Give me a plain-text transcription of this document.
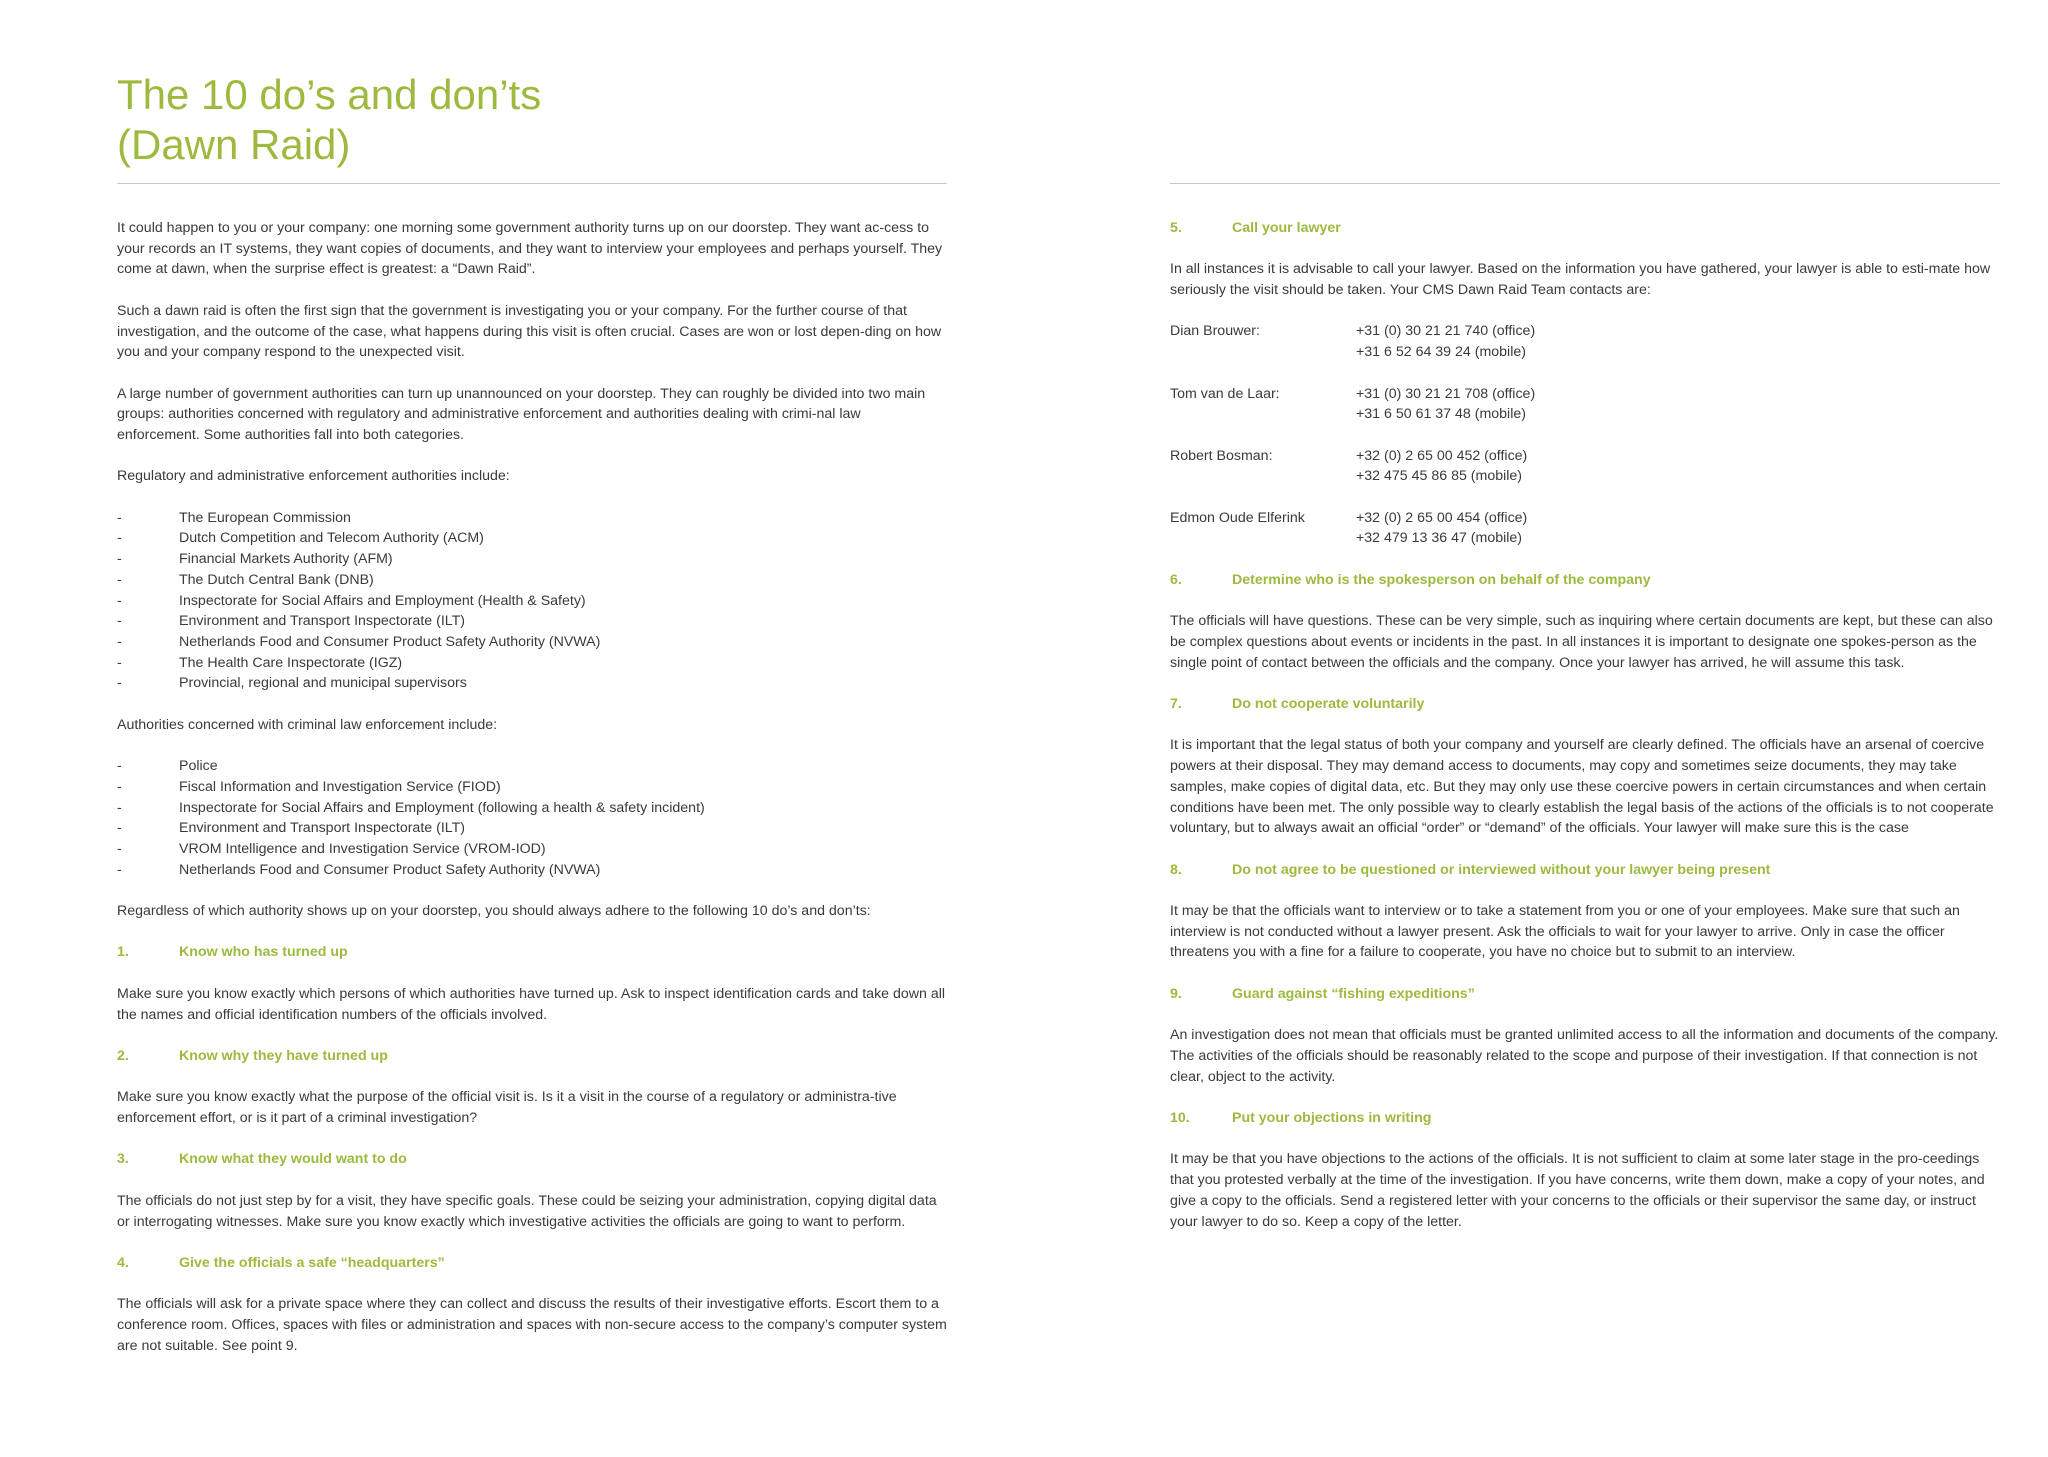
The 10 do’s and don’ts
(Dawn Raid)

It could happen to you or your company: one morning some government authority turns up on our doorstep. They want ac-cess to your records an IT systems, they want copies of documents, and they want to interview your employees and perhaps yourself. They come at dawn, when the surprise effect is greatest: a “Dawn Raid”.

Such a dawn raid is often the first sign that the government is investigating you or your company. For the further course of that investigation, and the outcome of the case, what happens during this visit is often crucial. Cases are won or lost depen-ding on how you and your company respond to the unexpected visit.

A large number of government authorities can turn up unannounced on your doorstep. They can roughly be divided into two main groups: authorities concerned with regulatory and administrative enforcement and authorities dealing with crimi-nal law enforcement. Some authorities fall into both categories.

Regulatory and administrative enforcement authorities include:

-	The European Commission
-	Dutch Competition and Telecom Authority (ACM)
-	Financial Markets Authority (AFM)
-	The Dutch Central Bank (DNB)
-	Inspectorate for Social Affairs and Employment (Health & Safety)
-	Environment and Transport Inspectorate (ILT)
-	Netherlands Food and Consumer Product Safety Authority (NVWA)
-	The Health Care Inspectorate (IGZ)
-	Provincial, regional and municipal supervisors

Authorities concerned with criminal law enforcement include:

-	Police
-	Fiscal Information and Investigation Service (FIOD)
-	Inspectorate for Social Affairs and Employment (following a health & safety incident)
-	Environment and Transport Inspectorate (ILT)
-	VROM Intelligence and Investigation Service (VROM-IOD)
-	Netherlands Food and Consumer Product Safety Authority (NVWA)

Regardless of which authority shows up on your doorstep, you should always adhere to the following 10 do’s and don’ts:

1.	Know who has turned up

Make sure you know exactly which persons of which authorities have turned up. Ask to inspect identification cards and take down all the names and official identification numbers of the officials involved.

2.	Know why they have turned up

Make sure you know exactly what the purpose of the official visit is. Is it a visit in the course of a regulatory or administra-tive enforcement effort, or is it part of a criminal investigation?

3.	Know what they would want to do

The officials do not just step by for a visit, they have specific goals. These could be seizing your administration, copying digital data or interrogating witnesses. Make sure you know exactly which investigative activities the officials are going to want to perform.

4.	Give the officials a safe “headquarters”

The officials will ask for a private space where they can collect and discuss the results of their investigative efforts. Escort them to a conference room. Offices, spaces with files or administration and spaces with non-secure access to the company’s computer system are not suitable. See point 9.

5.	Call your lawyer

In all instances it is advisable to call your lawyer. Based on the information you have gathered, your lawyer is able to esti-mate how seriously the visit should be taken. Your CMS Dawn Raid Team contacts are:

Dian Brouwer:	+31 (0) 30 21 21 740 (office)
+31 6 52 64 39 24 (mobile)
Tom van de Laar:	+31 (0) 30 21 21 708 (office)
+31 6 50 61 37 48 (mobile)
Robert Bosman:	+32 (0) 2 65 00 452 (office)
+32 475 45 86 85 (mobile)
Edmon Oude Elferink	+32 (0) 2 65 00 454 (office)
+32 479 13 36 47 (mobile)
6.	Determine who is the spokesperson on behalf of the company

The officials will have questions. These can be very simple, such as inquiring where certain documents are kept, but these can also be complex questions about events or incidents in the past. In all instances it is important to designate one spokes-person as the single point of contact between the officials and the company. Once your lawyer has arrived, he will assume this task.

7.	Do not cooperate voluntarily

It is important that the legal status of both your company and yourself are clearly defined. The officials have an arsenal of coercive powers at their disposal. They may demand access to documents, may copy and sometimes seize documents, they may take samples, make copies of digital data, etc. But they may only use these coercive powers in certain circumstances and when certain conditions have been met. The only possible way to clearly establish the legal basis of the actions of the officials is to not cooperate voluntary, but to always await an official “order” or “demand” of the officials. Your lawyer will make sure this is the case

8.	Do not agree to be questioned or interviewed without your lawyer being present

It may be that the officials want to interview or to take a statement from you or one of your employees. Make sure that such an interview is not conducted without a lawyer present. Ask the officials to wait for your lawyer to arrive. Only in case the officer threatens you with a fine for a failure to cooperate, you have no choice but to submit to an interview.

9.	Guard against “fishing expeditions”

An investigation does not mean that officials must be granted unlimited access to all the information and documents of the company. The activities of the officials should be reasonably related to the scope and purpose of their investigation. If that connection is not clear, object to the activity.

10.	Put your objections in writing

It may be that you have objections to the actions of the officials. It is not sufficient to claim at some later stage in the pro-ceedings that you protested verbally at the time of the investigation. If you have concerns, write them down, make a copy of your notes, and give a copy to the officials. Send a registered letter with your concerns to the officials or their supervisor the same day, or instruct your lawyer to do so. Keep a copy of the letter.
